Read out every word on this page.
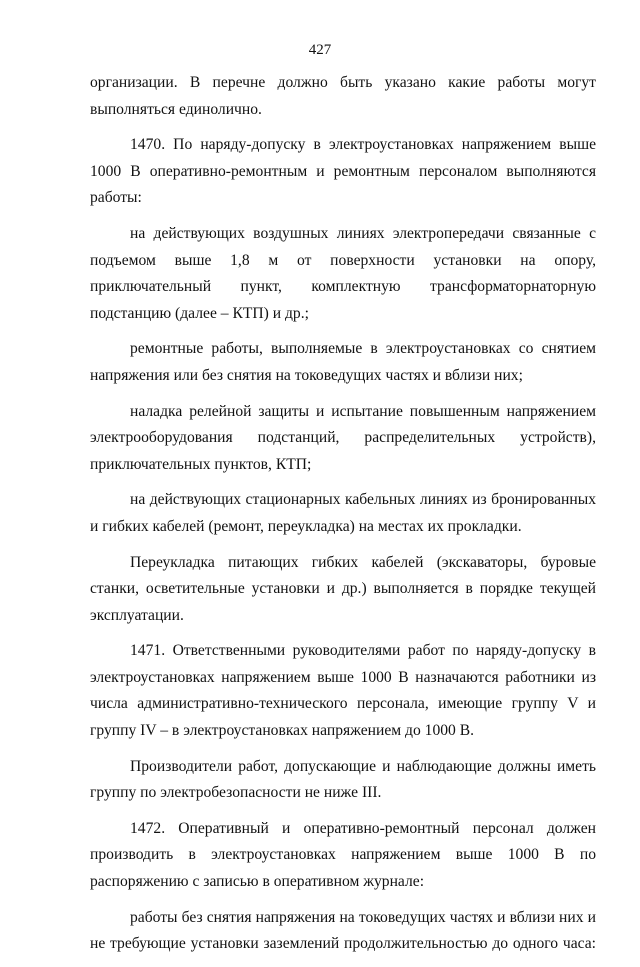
427

организации. В перечне должно быть указано какие работы могут выполняться единолично.

1470. По наряду-допуску в электроустановках напряжением выше 1000 В оперативно-ремонтным и ремонтным персоналом выполняются работы:

на действующих воздушных линиях электропередачи связанные с подъемом выше 1,8 м от поверхности установки на опору, приключательный пункт, комплектную трансформаторнаторную подстанцию (далее – КТП) и др.;

ремонтные работы, выполняемые в электроустановках со снятием напряжения или без снятия на токоведущих частях и вблизи них;

наладка релейной защиты и испытание повышенным напряжением электрооборудования подстанций, распределительных устройств), приключательных пунктов, КТП;

на действующих стационарных кабельных линиях из бронированных и гибких кабелей (ремонт, переукладка) на местах их прокладки.

Переукладка питающих гибких кабелей (экскаваторы, буровые станки, осветительные установки и др.) выполняется в порядке текущей эксплуатации.

1471. Ответственными руководителями работ по наряду-допуску в электроустановках напряжением выше 1000 В назначаются работники из числа административно-технического персонала, имеющие группу V и группу IV – в электроустановках напряжением до 1000 В.

Производители работ, допускающие и наблюдающие должны иметь группу по электробезопасности не ниже III.

1472. Оперативный и оперативно-ремонтный персонал должен производить в электроустановках напряжением выше 1000 В по распоряжению с записью в оперативном журнале:

работы без снятия напряжения на токоведущих частях и вблизи них и не требующие установки заземлений продолжительностью до одного часа:
